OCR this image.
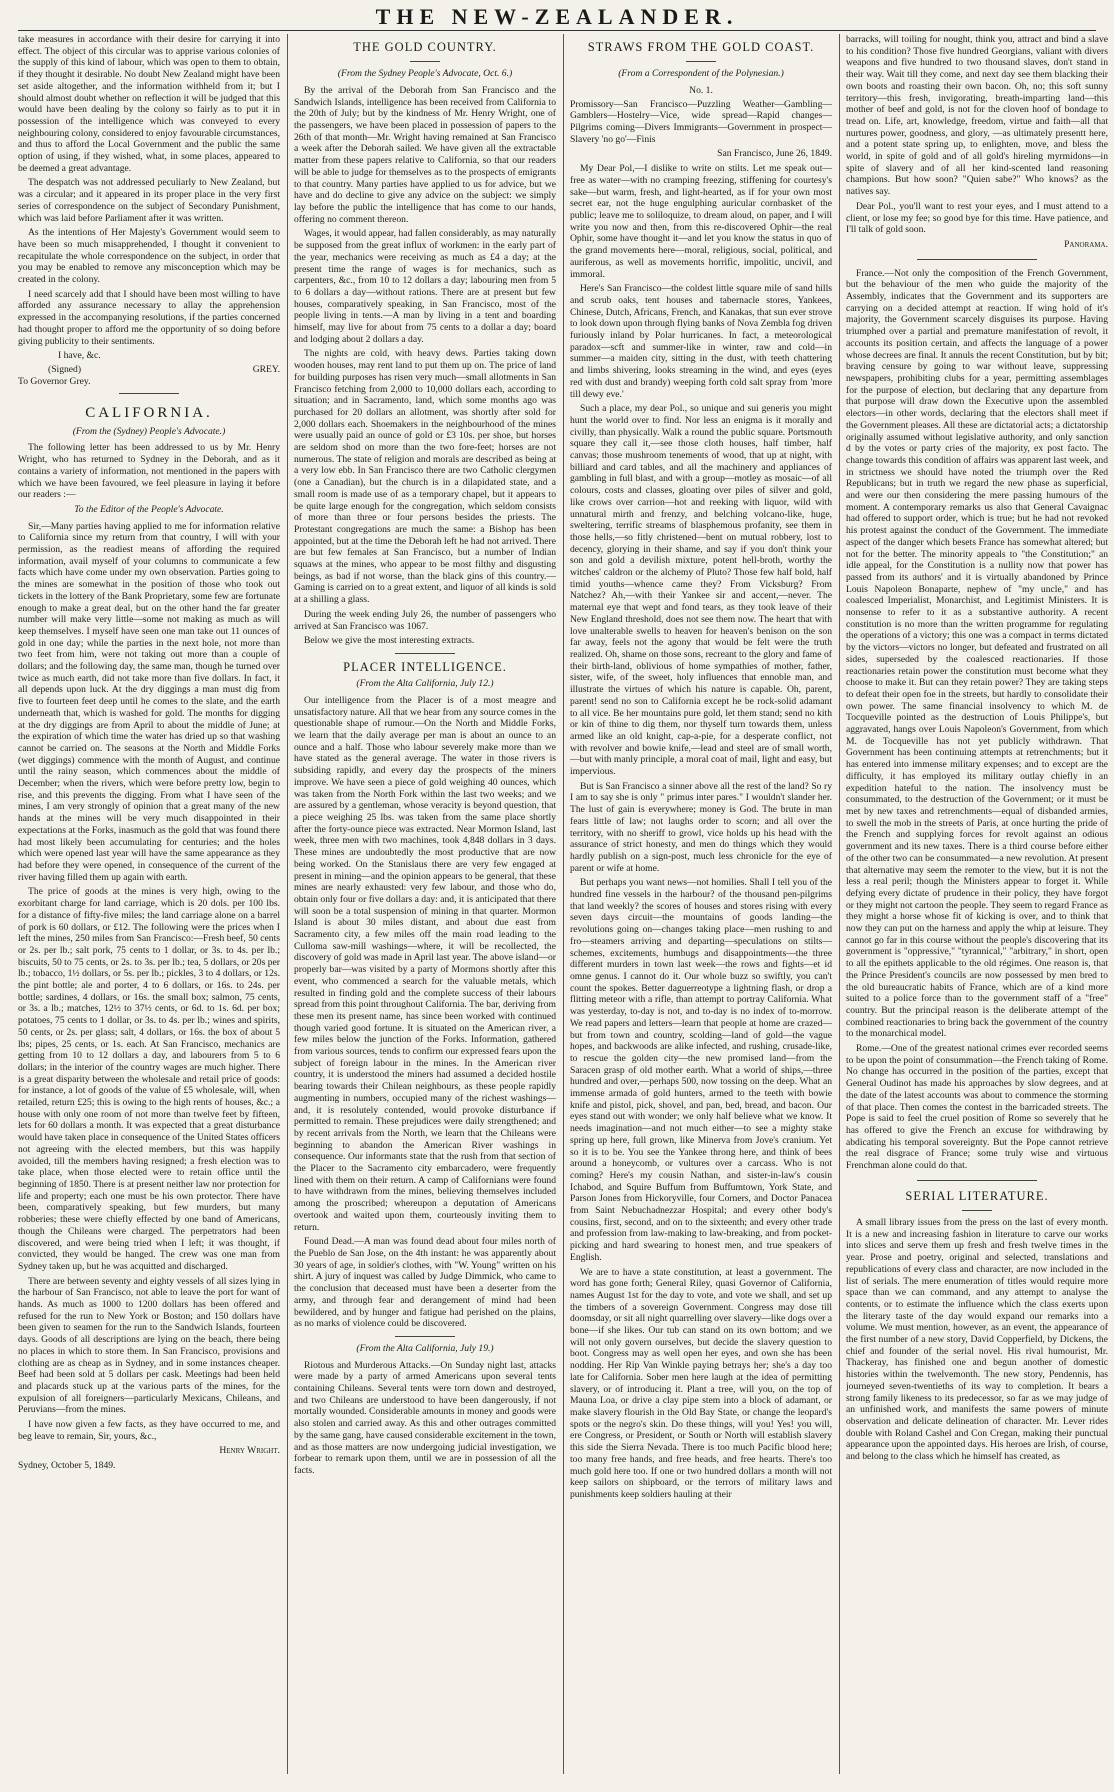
THE NEW-ZEALANDER.

take measures in accordance with their desire for carrying it into effect. The object of this circular was to apprise various colonies of the supply of this kind of labour, which was open to them to obtain, if they thought it desirable. No doubt New Zealand might have been set aside altogether, and the information withheld from it; but I should almost doubt whether on reflection it will be judged that this would have been dealing by the colony so fairly as to put it in possession of the intelligence which was conveyed to every neighbouring colony, considered to enjoy favourable circumstances, and thus to afford the Local Government and the public the same option of using, if they wished, what, in some places, appeared to be deemed a great advantage.

The despatch was not addressed peculiarly to New Zealand, but was a circular; and it appeared in its proper place in the very first series of correspondence on the subject of Secondary Punishment, which was laid before Parliament after it was written.

As the intentions of Her Majesty's Government would seem to have been so much misapprehended, I thought it convenient to recapitulate the whole correspondence on the subject, in order that you may be enabled to remove any misconception which may be created in the colony.

I need scarcely add that I should have been most willing to have afforded any assurance necessary to allay the apprehension expressed in the accompanying resolutions, if the parties concerned had thought proper to afford me the opportunity of so doing before giving publicity to their sentiments.

I have, &c.

(Signed)	GREY.

To Governor Grey.

CALIFORNIA.

(From the (Sydney) People's Advocate.)

The following letter has been addressed to us by Mr. Henry Wright, who has returned to Sydney in the Deborah, and as it contains a variety of information, not mentioned in the papers with which we have been favoured, we feel pleasure in laying it before our readers :—

To the Editor of the People's Advocate.

Sir,—Many parties having applied to me for information relative to California since my return from that country, I will with your permission, as the readiest means of affording the required information, avail myself of your columns to communicate a few facts which have come under my own observation. Parties going to the mines are somewhat in the position of those who took out tickets in the lottery of the Bank Proprietary, some few are fortunate enough to make a great deal, but on the other hand the far greater number will make very little—some not making as much as will keep themselves. I myself have seen one man take out 11 ounces of gold in one day; while the parties in the next hole, not more than two feet from him, were not taking out more than a couple of dollars; and the following day, the same man, though he turned over twice as much earth, did not take more than five dollars. In fact, it all depends upon luck. At the dry diggings a man must dig from five to fourteen feet deep until he comes to the slate, and the earth underneath that, which is washed for gold. The months for digging at the dry diggings are from April to about the middle of June; at the expiration of which time the water has dried up so that washing cannot be carried on. The seasons at the North and Middle Forks (wet diggings) commence with the month of August, and continue until the rainy season, which commences about the middle of December; when the rivers, which were before pretty low, begin to rise, and this prevents the digging. From what I have seen of the mines, I am very strongly of opinion that a great many of the new hands at the mines will be very much disappointed in their expectations at the Forks, inasmuch as the gold that was found there had most likely been accumulating for centuries; and the holes which were opened last year will have the same appearance as they had before they were opened, in consequence of the current of the river having filled them up again with earth.

The price of goods at the mines is very high, owing to the exorbitant charge for land carriage, which is 20 dols. per 100 lbs. for a distance of fifty-five miles; the land carriage alone on a barrel of pork is 60 dollars, or £12. The following were the prices when I left the mines, 250 miles from San Francisco:—Fresh beef, 50 cents or 2s. per lb.; salt pork, 75 cents to 1 dollar, or 3s. to 4s. per lb.; biscuits, 50 to 75 cents, or 2s. to 3s. per lb.; tea, 5 dollars, or 20s per lb.; tobacco, 1½ dollars, or 5s. per lb.; pickles, 3 to 4 dollars, or 12s. the pint bottle; ale and porter, 4 to 6 dollars, or 16s. to 24s. per bottle; sardines, 4 dollars, or 16s. the small box; salmon, 75 cents, or 3s. a lb.; matches, 12½ to 37½ cents, or 6d. to 1s. 6d. per box; potatoes, 75 cents to 1 dollar, or 3s. to 4s. per lb.; wines and spirits, 50 cents, or 2s. per glass; salt, 4 dollars, or 16s. the box of about 5 lbs; pipes, 25 cents, or 1s. each. At San Francisco, mechanics are getting from 10 to 12 dollars a day, and labourers from 5 to 6 dollars; in the interior of the country wages are much higher. There is a great disparity between the wholesale and retail price of goods: for instance, a lot of goods of the value of £5 wholesale, will, when retailed, return £25; this is owing to the high rents of houses, &c.; a house with only one room of not more than twelve feet by fifteen, lets for 60 dollars a month. It was expected that a great disturbance would have taken place in consequence of the United States officers not agreeing with the elected members, but this was happily avoided, till the members having resigned; a fresh election was to take place, when those elected were to retain office until the beginning of 1850. There is at present neither law nor protection for life and property; each one must be his own protector. There have been, comparatively speaking, but few murders, but many robberies; these were chiefly effected by one band of Americans, though the Chileans were charged. The perpetrators had been discovered, and were being tried when I left; it was thought, if convicted, they would be hanged. The crew was one man from Sydney taken up, but he was acquitted and discharged.

There are between seventy and eighty vessels of all sizes lying in the harbour of San Francisco, not able to leave the port for want of hands. As much as 1000 to 1200 dollars has been offered and refused for the run to New York or Boston; and 150 dollars have been given to seamen for the run to the Sandwich Islands, fourteen days. Goods of all descriptions are lying on the beach, there being no places in which to store them. In San Francisco, provisions and clothing are as cheap as in Sydney, and in some instances cheaper. Beef had been sold at 5 dollars per cask. Meetings had been held and placards stuck up at the various parts of the mines, for the expulsion of all foreigners—particularly Mexicans, Chileans, and Peruvians—from the mines.

I have now given a few facts, as they have occurred to me, and beg leave to remain, Sir, yours, &c.,

Henry Wright.

Sydney, October 5, 1849.

THE GOLD COUNTRY.

(From the Sydney People's Advocate, Oct. 6.)

By the arrival of the Deborah from San Francisco and the Sandwich Islands, intelligence has been received from California to the 20th of July; but by the kindness of Mr. Henry Wright, one of the passengers, we have been placed in possession of papers to the 26th of that month—Mr. Wright having remained at San Francisco a week after the Deborah sailed. We have given all the extractable matter from these papers relative to California, so that our readers will be able to judge for themselves as to the prospects of emigrants to that country. Many parties have applied to us for advice, but we have and do decline to give any advice on the subject: we simply lay before the public the intelligence that has come to our hands, offering no comment thereon.

Wages, it would appear, had fallen considerably, as may naturally be supposed from the great influx of workmen: in the early part of the year, mechanics were receiving as much as £4 a day; at the present time the range of wages is for mechanics, such as carpenters, &c., from 10 to 12 dollars a day; labouring men from 5 to 6 dollars a day—without rations. There are at present but few houses, comparatively speaking, in San Francisco, most of the people living in tents.—A man by living in a tent and boarding himself, may live for about from 75 cents to a dollar a day; board and lodging about 2 dollars a day.

The nights are cold, with heavy dews. Parties taking down wooden houses, may rent land to put them up on. The price of land for building purposes has risen very much—small allotments in San Francisco fetching from 2,000 to 10,000 dollars each, according to situation; and in Sacramento, land, which some months ago was purchased for 20 dollars an allotment, was shortly after sold for 2,000 dollars each. Shoemakers in the neighbourhood of the mines were usually paid an ounce of gold or £3 10s. per shoe, but horses are seldom shod on more than the two fore-feet; horses are not numerous. The state of religion and morals are described as being at a very low ebb. In San Francisco there are two Catholic clergymen (one a Canadian), but the church is in a dilapidated state, and a small room is made use of as a temporary chapel, but it appears to be quite large enough for the congregation, which seldom consists of more than three or four persons besides the priests. The Protestant congregations are much the same: a Bishop has been appointed, but at the time the Deborah left he had not arrived. There are but few females at San Francisco, but a number of Indian squaws at the mines, who appear to be most filthy and disgusting beings, as bad if not worse, than the black gins of this country.—Gaming is carried on to a great extent, and liquor of all kinds is sold at a shilling a glass.

During the week ending July 26, the number of passengers who arrived at San Francisco was 1067.

Below we give the most interesting extracts.

PLACER INTELLIGENCE.

(From the Alta California, July 12.)

Our intelligence from the Placer is of a most meagre and unsatisfactory nature. All that we hear from any source comes in the questionable shape of rumour.—On the North and Middle Forks, we learn that the daily average per man is about an ounce to an ounce and a half. Those who labour severely make more than we have stated as the general average. The water in those rivers is subsiding rapidly, and every day the prospects of the miners improve. We have seen a piece of gold weighing 40 ounces, which was taken from the North Fork within the last two weeks; and we are assured by a gentleman, whose veracity is beyond question, that a piece weighing 25 lbs. was taken from the same place shortly after the forty-ounce piece was extracted. Near Mormon Island, last week, three men with two machines, took 4,848 dollars in 3 days. These mines are undoubtedly the most productive that are now being worked. On the Stanislaus there are very few engaged at present in mining—and the opinion appears to be general, that these mines are nearly exhausted: very few labour, and those who do, obtain only four or five dollars a day: and, it is anticipated that there will soon be a total suspension of mining in that quarter. Mormon Island is about 30 miles distant, and about due east from Sacramento city, a few miles off the main road leading to the Culloma saw-mill washings—where, it will be recollected, the discovery of gold was made in April last year. The above island—or properly bar—was visited by a party of Mormons shortly after this event, who commenced a search for the valuable metals, which resulted in finding gold and the complete success of their labours spread from this point throughout California. The bar, deriving from these men its present name, has since been worked with continued though varied good fortune. It is situated on the American river, a few miles below the junction of the Forks. Information, gathered from various sources, tends to confirm our expressed fears upon the subject of foreign labour in the mines. In the American river country, it is understood the miners had assumed a decided hostile bearing towards their Chilean neighbours, as these people rapidly augmenting in numbers, occupied many of the richest washings—and, it is resolutely contended, would provoke disturbance if permitted to remain. These prejudices were daily strengthened; and by recent arrivals from the North, we learn that the Chileans were beginning to abandon the American River washings in consequence. Our informants state that the rush from that section of the Placer to the Sacramento city embarcadero, were frequently lined with them on their return. A camp of Californians were found to have withdrawn from the mines, believing themselves included among the proscribed; whereupon a deputation of Americans overtook and waited upon them, courteously inviting them to return.

Found Dead.—A man was found dead about four miles north of the Pueblo de San Jose, on the 4th instant: he was apparently about 30 years of age, in soldier's clothes, with "W. Young" written on his shirt. A jury of inquest was called by Judge Dimmick, who came to the conclusion that deceased must have been a deserter from the army, and through fear and derangement of mind had been bewildered, and by hunger and fatigue had perished on the plains, as no marks of violence could be discovered.

(From the Alta California, July 19.)

Riotous and Murderous Attacks.—On Sunday night last, attacks were made by a party of armed Americans upon several tents containing Chileans. Several tents were torn down and destroyed, and two Chileans are understood to have been dangerously, if not mortally wounded. Considerable amounts in money and goods were also stolen and carried away. As this and other outrages committed by the same gang, have caused considerable excitement in the town, and as those matters are now undergoing judicial investigation, we forbear to remark upon them, until we are in possession of all the facts.

STRAWS FROM THE GOLD COAST.

(From a Correspondent of the Polynesian.)

No. 1.

Promissory—San Francisco—Puzzling Weather—Gambling—Gamblers—Hostelry—Vice, wide spread—Rapid changes—Pilgrims coming—Divers Immigrants—Government in prospect—Slavery 'no go'—Finis

San Francisco, June 26, 1849.

My Dear Pol,—I dislike to write on stilts. Let me speak out—free as water—with no cramping freezing, stiffening for courtesy's sake—but warm, fresh, and light-hearted, as if for your own most secret ear, not the huge engulphing auricular cornbasket of the public; leave me to soliloquize, to dream aloud, on paper, and I will write you now and then, from this re-discovered Ophir—the real Ophir, some have thought it—and let you know the status in quo of the grand movements here—moral, religious, social, political, and auriferous, as well as movements horrific, impolitic, uncivil, and immoral.

Here's San Francisco—the coldest little square mile of sand hills and scrub oaks, tent houses and tabernacle stores, Yankees, Chinese, Dutch, Africans, French, and Kanakas, that sun ever strove to look down upon through flying banks of Nova Zembla fog driven furiously inland by Polar hurricanes. In fact, a meteorological paradox—scft and summer-like in winter, raw and cold—in summer—a maiden city, sitting in the dust, with teeth chattering and limbs shivering, looks streaming in the wind, and eyes (eyes red with dust and brandy) weeping forth cold salt spray from 'more till dewy eve.'

Such a place, my dear Pol., so unique and sui generis you might hunt the world over to find. Nor less an enigma is it morally and civilly, than physically. Walk a round the public square. Portsmouth square they call it,—see those cloth houses, half timber, half canvas; those mushroom tenements of wood, that up at night, with billiard and card tables, and all the machinery and appliances of gambling in full blast, and with a group—motley as mosaic—of all colours, costs and classes, gloating over piles of silver and gold, like crows over carrion—hot and reeking with liquor, wild with unnatural mirth and frenzy, and belching volcano-like, huge, sweltering, terrific streams of blasphemous profanity, see them in those hells,—so fitly christened—bent on mutual robbery, lost to decency, glorying in their shame, and say if you don't think your son and gold a devilish mixture, potent hell-broth, worthy the witches' caldron or the alchemy of Pluto? Those few half bold, half timid youths—whence came they? From Vicksburg? From Natchez? Ah,—with their Yankee sir and accent,—never. The maternal eye that wept and fond tears, as they took leave of their New England threshold, does not see them now. The heart that with love unalterable swells to heaven for heaven's benison on the son far away, feels not the agony that would be felt were the truth realized. Oh, shame on those sons, recreant to the glory and fame of their birth-land, oblivious of home sympathies of mother, father, sister, wife, of the sweet, holy influences that ennoble man, and illustrate the virtues of which his nature is capable. Oh, parent, parent! send no son to California except he be rock-solid adamant to all vice. Be her mountains pure gold, let them stand; send no kith or kin of thine to dig them, nor thyself turn towards them, unless armed like an old knight, cap-a-pie, for a desperate conflict, not with revolver and bowie knife,—lead and steel are of small worth,—but with manly principle, a moral coat of mail, light and easy, but impervious.

But is San Francisco a sinner above all the rest of the land? So ry I am to say she is only " primus inter pares." I wouldn't slander her. The lust of gain is everywhere; money is God. The brute in man fears little of law; not laughs order to scorn; and all over the territory, with no sheriff to growl, vice holds up his head with the assurance of strict honesty, and men do things which they would hardly publish on a sign-post, much less chronicle for the eye of parent or wife at home.

But perhaps you want news—not homilies. Shall I tell you of the hundred fine vessels in the harbour? of the thousand pen-pilgrims that land weekly? the scores of houses and stores rising with every seven days circuit—the mountains of goods landing—the revolutions going on—changes taking place—men rushing to and fro—steamers arriving and departing—speculations on stilts—schemes, excitements, humbugs and disappointments—the three different murders in town last week—the rows and fights—et id omne genus. I cannot do it. Our whole buzz so swiftly, you can't count the spokes. Better daguerreotype a lightning flash, or drop a flitting meteor with a rifle, than attempt to portray California. What was yesterday, to-day is not, and to-day is no index of to-morrow. We read papers and letters—learn that people at home are crazed—but from town and country, scolding—land of gold—the vague hopes, and backwoods are alike infected, and rushing, crusade-like, to rescue the golden city—the new promised land—from the Saracen grasp of old mother earth. What a world of ships,—three hundred and over,—perhaps 500, now tossing on the deep. What an immense armada of gold hunters, armed to the teeth with bowie knife and pistol, pick, shovel, and pan, bed, bread, and bacon. Our eyes stand out with wonder; we only half believe what we know. It needs imagination—and not much either—to see a mighty stake spring up here, full grown, like Minerva from Jove's cranium. Yet so it is to be. You see the Yankee throng here, and think of bees around a honeycomb, or vultures over a carcass. Who is not coming? Here's my cousin Nathan, and sister-in-law's cousin Ichabod, and Squire Buffum from Buffumtown, York State, and Parson Jones from Hickoryville, four Corners, and Doctor Panacea from Saint Nebuchadnezzar Hospital; and every other body's cousins, first, second, and on to the sixteenth; and every other trade and profession from law-making to law-breaking, and from pocket-picking and hard swearing to honest men, and true speakers of English.

We are to have a state constitution, at least a government. The word has gone forth; General Riley, quasi Governor of California, names August 1st for the day to vote, and vote we shall, and set up the timbers of a sovereign Government. Congress may dose till doomsday, or sit all night quarrelling over slavery—like dogs over a bone—if she likes. Our tub can stand on its own bottom; and we will not only govern ourselves, but decide the slavery question to boot. Congress may as well open her eyes, and own she has been nodding. Her Rip Van Winkle paying betrays her; she's a day too late for California. Sober men here laugh at the idea of permitting slavery, or of introducing it. Plant a tree, will you, on the top of Mauna Loa, or drive a clay pipe stem into a block of adamant, or make slavery flourish in the Old Bay State, or change the leopard's spots or the negro's skin. Do these things, will you! Yes! you will, ere Congress, or President, or South or North will establish slavery this side the Sierra Nevada. There is too much Pacific blood here; too many free hands, and free heads, and free hearts. There's too much gold here too. If one or two hundred dollars a month will not keep sailors on shipboard, or the terrors of military laws and punishments keep soldiers hauling at their

barracks, will toiling for nought, think you, attract and bind a slave to his condition? Those five hundred Georgians, valiant with divers weapons and five hundred to two thousand slaves, don't stand in their way. Wait till they come, and next day see them blacking their own boots and roasting their own bacon. Oh, no; this soft sunny territory—this fresh, invigorating, breath-imparting land—this mother of beef and gold, is not for the cloven hoof of bondage to tread on. Life, art, knowledge, freedom, virtue and faith—all that nurtures power, goodness, and glory, —as ultimately presentt here, and a potent state spring up, to enlighten, move, and bless the world, in spite of gold and of all gold's hireling myrmidons—in spite of slavery and of all her kind-scented land reasoning champions. But how soon? "Quien sabe?" Who knows? as the natives say.

Dear Pol., you'll want to rest your eyes, and I must attend to a client, or lose my fee; so good bye for this time. Have patience, and I'll talk of gold soon.

Panorama.

France.—Not only the composition of the French Government, but the behaviour of the men who guide the majority of the Assembly, indicates that the Government and its supporters are carrying on a decided attempt at reaction. If wing hold of it's majority, the Government scarcely disguises its purpose. Having triumphed over a partial and premature manifestation of revolt, it accounts its position certain, and affects the language of a power whose decrees are final. It annuls the recent Constitution, but by bit; braving censure by going to war without leave, suppressing newspapers, prohibiting clubs for a year, permitting assemblages for the purpose of election, but declaring that any departure from that purpose will draw down the Executive upon the assembled electors—in other words, declaring that the electors shall meet if the Government pleases. All these are dictatorial acts; a dictatorship originally assumed without legislative authority, and only sanction d by the votes or party cries of the majority, ex post facto. The change towards this condition of affairs was apparent last week, and in strictness we should have noted the triumph over the Red Republicans; but in truth we regard the new phase as superficial, and were our then considering the mere passing humours of the moment. A contemporary remarks us also that General Cavaignac had offered to support order, which is true; but he had not revoked his protest against the conduct of the Government. The immediate aspect of the danger which besets France has somewhat altered; but not for the better. The minority appeals to "the Constitution;" an idle appeal, for the Constitution is a nullity now that power has passed from its authors' and it is virtually abandoned by Prince Louis Napoleon Bonaparte, nephew of "my uncle," and has coalesced Imperialist, Monarchist, and Legitimist Ministers. It is nonsense to refer to it as a substantive authority. A recent constitution is no more than the written programme for regulating the operations of a victory; this one was a compact in terms dictated by the victors—victors no longer, but defeated and frustrated on all sides, superseded by the coalesced reactionaries. If those reactionaries retain power the constitution must become what they choose to make it. But can they retain power? They are taking steps to defeat their open foe in the streets, but hardly to consolidate their own power. The same financial insolvency to which M. de Tocqueville pointed as the destruction of Louis Philippe's, but aggravated, hangs over Louis Napoleon's Government, from which M. de Tocqueville has not yet publicly withdrawn. That Government has been continuing attempts at retrenchments; but it has entered into immense military expenses; and to except are the difficulty, it has employed its military outlay chiefly in an expedition hateful to the nation. The insolvency must be consummated, to the destruction of the Government; or it must be met by new taxes and retrenchments—equal of disbanded armies, to swell the mob in the streets of Paris, at once hurting the pride of the French and supplying forces for revolt against an odious government and its new taxes. There is a third course before either of the other two can be consummated—a new revolution. At present that alternative may seem the remoter to the view, but it is not the less a real peril; though the Ministers appear to forget it. While defying every dictate of prudence in their policy, they have forgot or they might not cartoon the people. They seem to regard France as they might a horse whose fit of kicking is over, and to think that now they can put on the harness and apply the whip at leisure. They cannot go far in this course without the people's discovering that its government is "oppressive," "tyrannical," "arbitrary," in short, open to all the epithets applicable to the old régimes. One reason is, that the Prince President's councils are now possessed by men bred to the old bureaucratic habits of France, which are of a kind more suited to a police force than to the government staff of a "free" country. But the principal reason is the deliberate attempt of the combined reactionaries to bring back the government of the country to the monarchical model.

Rome.—One of the greatest national crimes ever recorded seems to be upon the point of consummation—the French taking of Rome. No change has occurred in the position of the parties, except that General Oudinot has made his approaches by slow degrees, and at the date of the latest accounts was about to commence the storming of that place. Then comes the contest in the barricaded streets. The Pope is said to feel the cruel position of Rome so severely that he has offered to give the French an excuse for withdrawing by abdicating his temporal sovereignty. But the Pope cannot retrieve the real disgrace of France; some truly wise and virtuous Frenchman alone could do that.

SERIAL LITERATURE.

A small library issues from the press on the last of every month. It is a new and increasing fashion in literature to carve our works into slices and serve them up fresh and fresh twelve times in the year. Prose and poetry, original and selected, translations and republications of every class and character, are now included in the list of serials. The mere enumeration of titles would require more space than we can command, and any attempt to analyse the contents, or to estimate the influence which the class exerts upon the literary taste of the day would expand our remarks into a volume. We must mention, however, as an event, the appearance of the first number of a new story, David Copperfield, by Dickens, the chief and founder of the serial novel. His rival humourist, Mr. Thackeray, has finished one and begun another of domestic histories within the twelvemonth. The new story, Pendennis, has journeyed seven-twentieths of its way to completion. It bears a strong family likeness to its predecessor, so far as we may judge of an unfinished work, and manifests the same powers of minute observation and delicate delineation of character. Mr. Lever rides double with Roland Cashel and Con Cregan, making their punctual appearance upon the appointed days. His heroes are Irish, of course, and belong to the class which he himself has created, as
